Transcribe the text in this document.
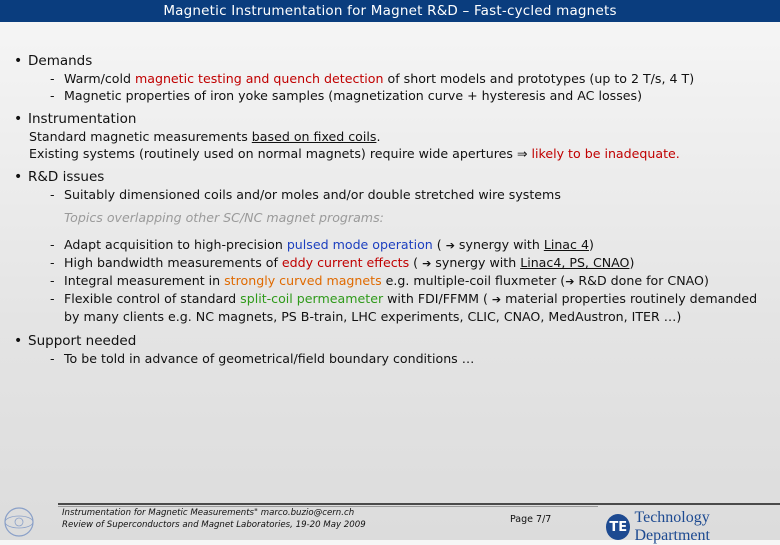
Magnetic Instrumentation for Magnet R&D – Fast-cycled magnets
• Demands
- Warm/cold magnetic testing and quench detection of short models and prototypes (up to 2 T/s, 4 T)
- Magnetic properties of iron yoke samples (magnetization curve + hysteresis and AC losses)
• Instrumentation
Standard magnetic measurements based on fixed coils.
Existing systems (routinely used on normal magnets) require wide apertures ⇒ likely to be inadequate.
• R&D issues
- Suitably dimensioned coils and/or moles and/or double stretched wire systems
Topics overlapping other SC/NC magnet programs:
- Adapt acquisition to high-precision pulsed mode operation ( ➔ synergy with Linac 4)
- High bandwidth measurements of eddy current effects ( ➔ synergy with Linac4, PS, CNAO)
- Integral measurement in strongly curved magnets e.g. multiple-coil fluxmeter (➔ R&D done for CNAO)
- Flexible control of standard split-coil permeameter with FDI/FFMM ( ➔ material properties routinely demanded
by many clients e.g. NC magnets, PS B-train, LHC experiments, CLIC, CNAO, MedAustron, ITER …)
• Support needed
- To be told in advance of geometrical/field boundary conditions …
Instrumentation for Magnetic Measurements" marco.buzio@cern.ch
Review of Superconductors and Magnet Laboratories, 19-20 May 2009	Page 7/7	TE
Technology Department
